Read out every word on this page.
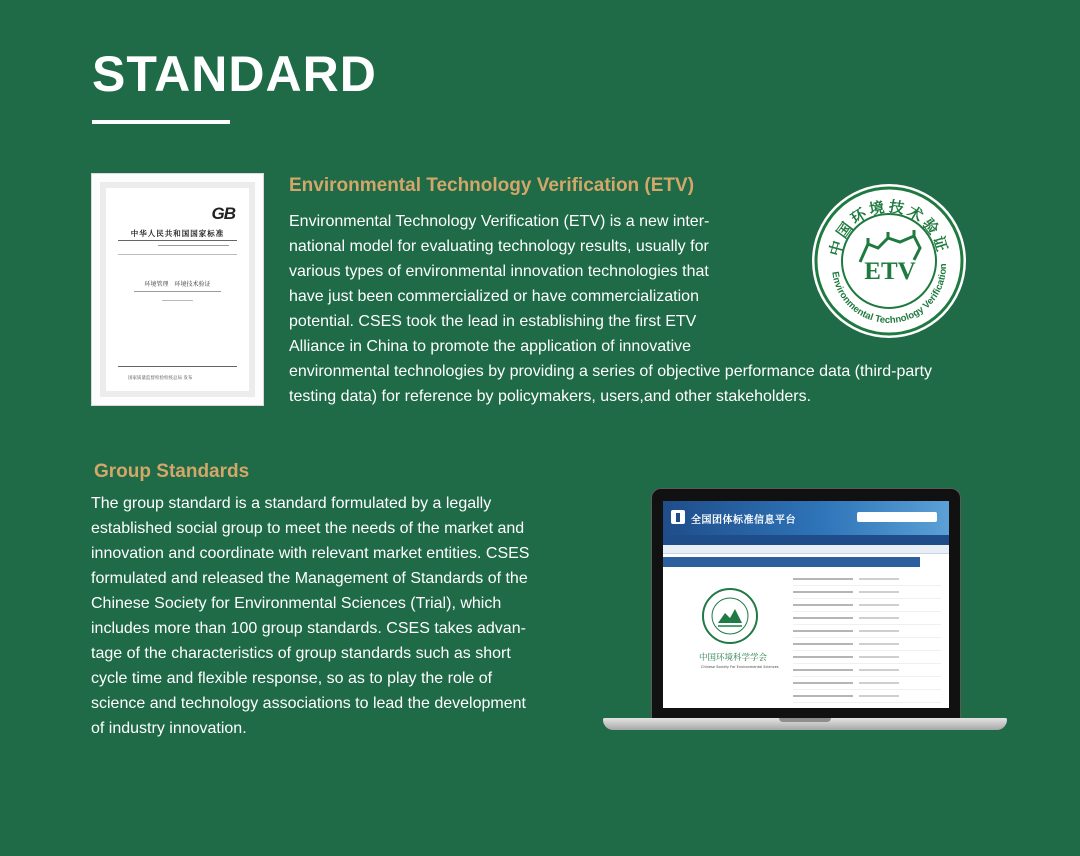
STANDARD
GB
中华人民共和国国家标准
环境管理　环境技术验证
国家质量监督检验检疫总局 发布
Environmental Technology Verification (ETV)
Environmental Technology Verification (ETV) is a new inter-
national model for evaluating technology results, usually for
various types of environmental innovation technologies that
have just been commercialized or have commercialization
potential. CSES took the lead in establishing the first ETV
Alliance in China to promote the application of innovative
environmental technologies by providing a series of objective performance data (third-party
testing data) for reference by policymakers, users,and other stakeholders.
中国环境技术验证
Environmental Technology Verification
ETV
Group Standards
The group standard is a standard formulated by a legally
established social group to meet the needs of the market and
innovation and coordinate with relevant market entities. CSES
formulated and released the Management of Standards of the
Chinese Society for Environmental Sciences (Trial), which
includes more than 100 group standards. CSES takes advan-
tage of the characteristics of group standards such as short
cycle time and flexible response, so as to play the role of
science and technology associations to lead the development
of industry innovation.
全国团体标准信息平台
中国环境科学学会
Chinese Society For Environmental Sciences
